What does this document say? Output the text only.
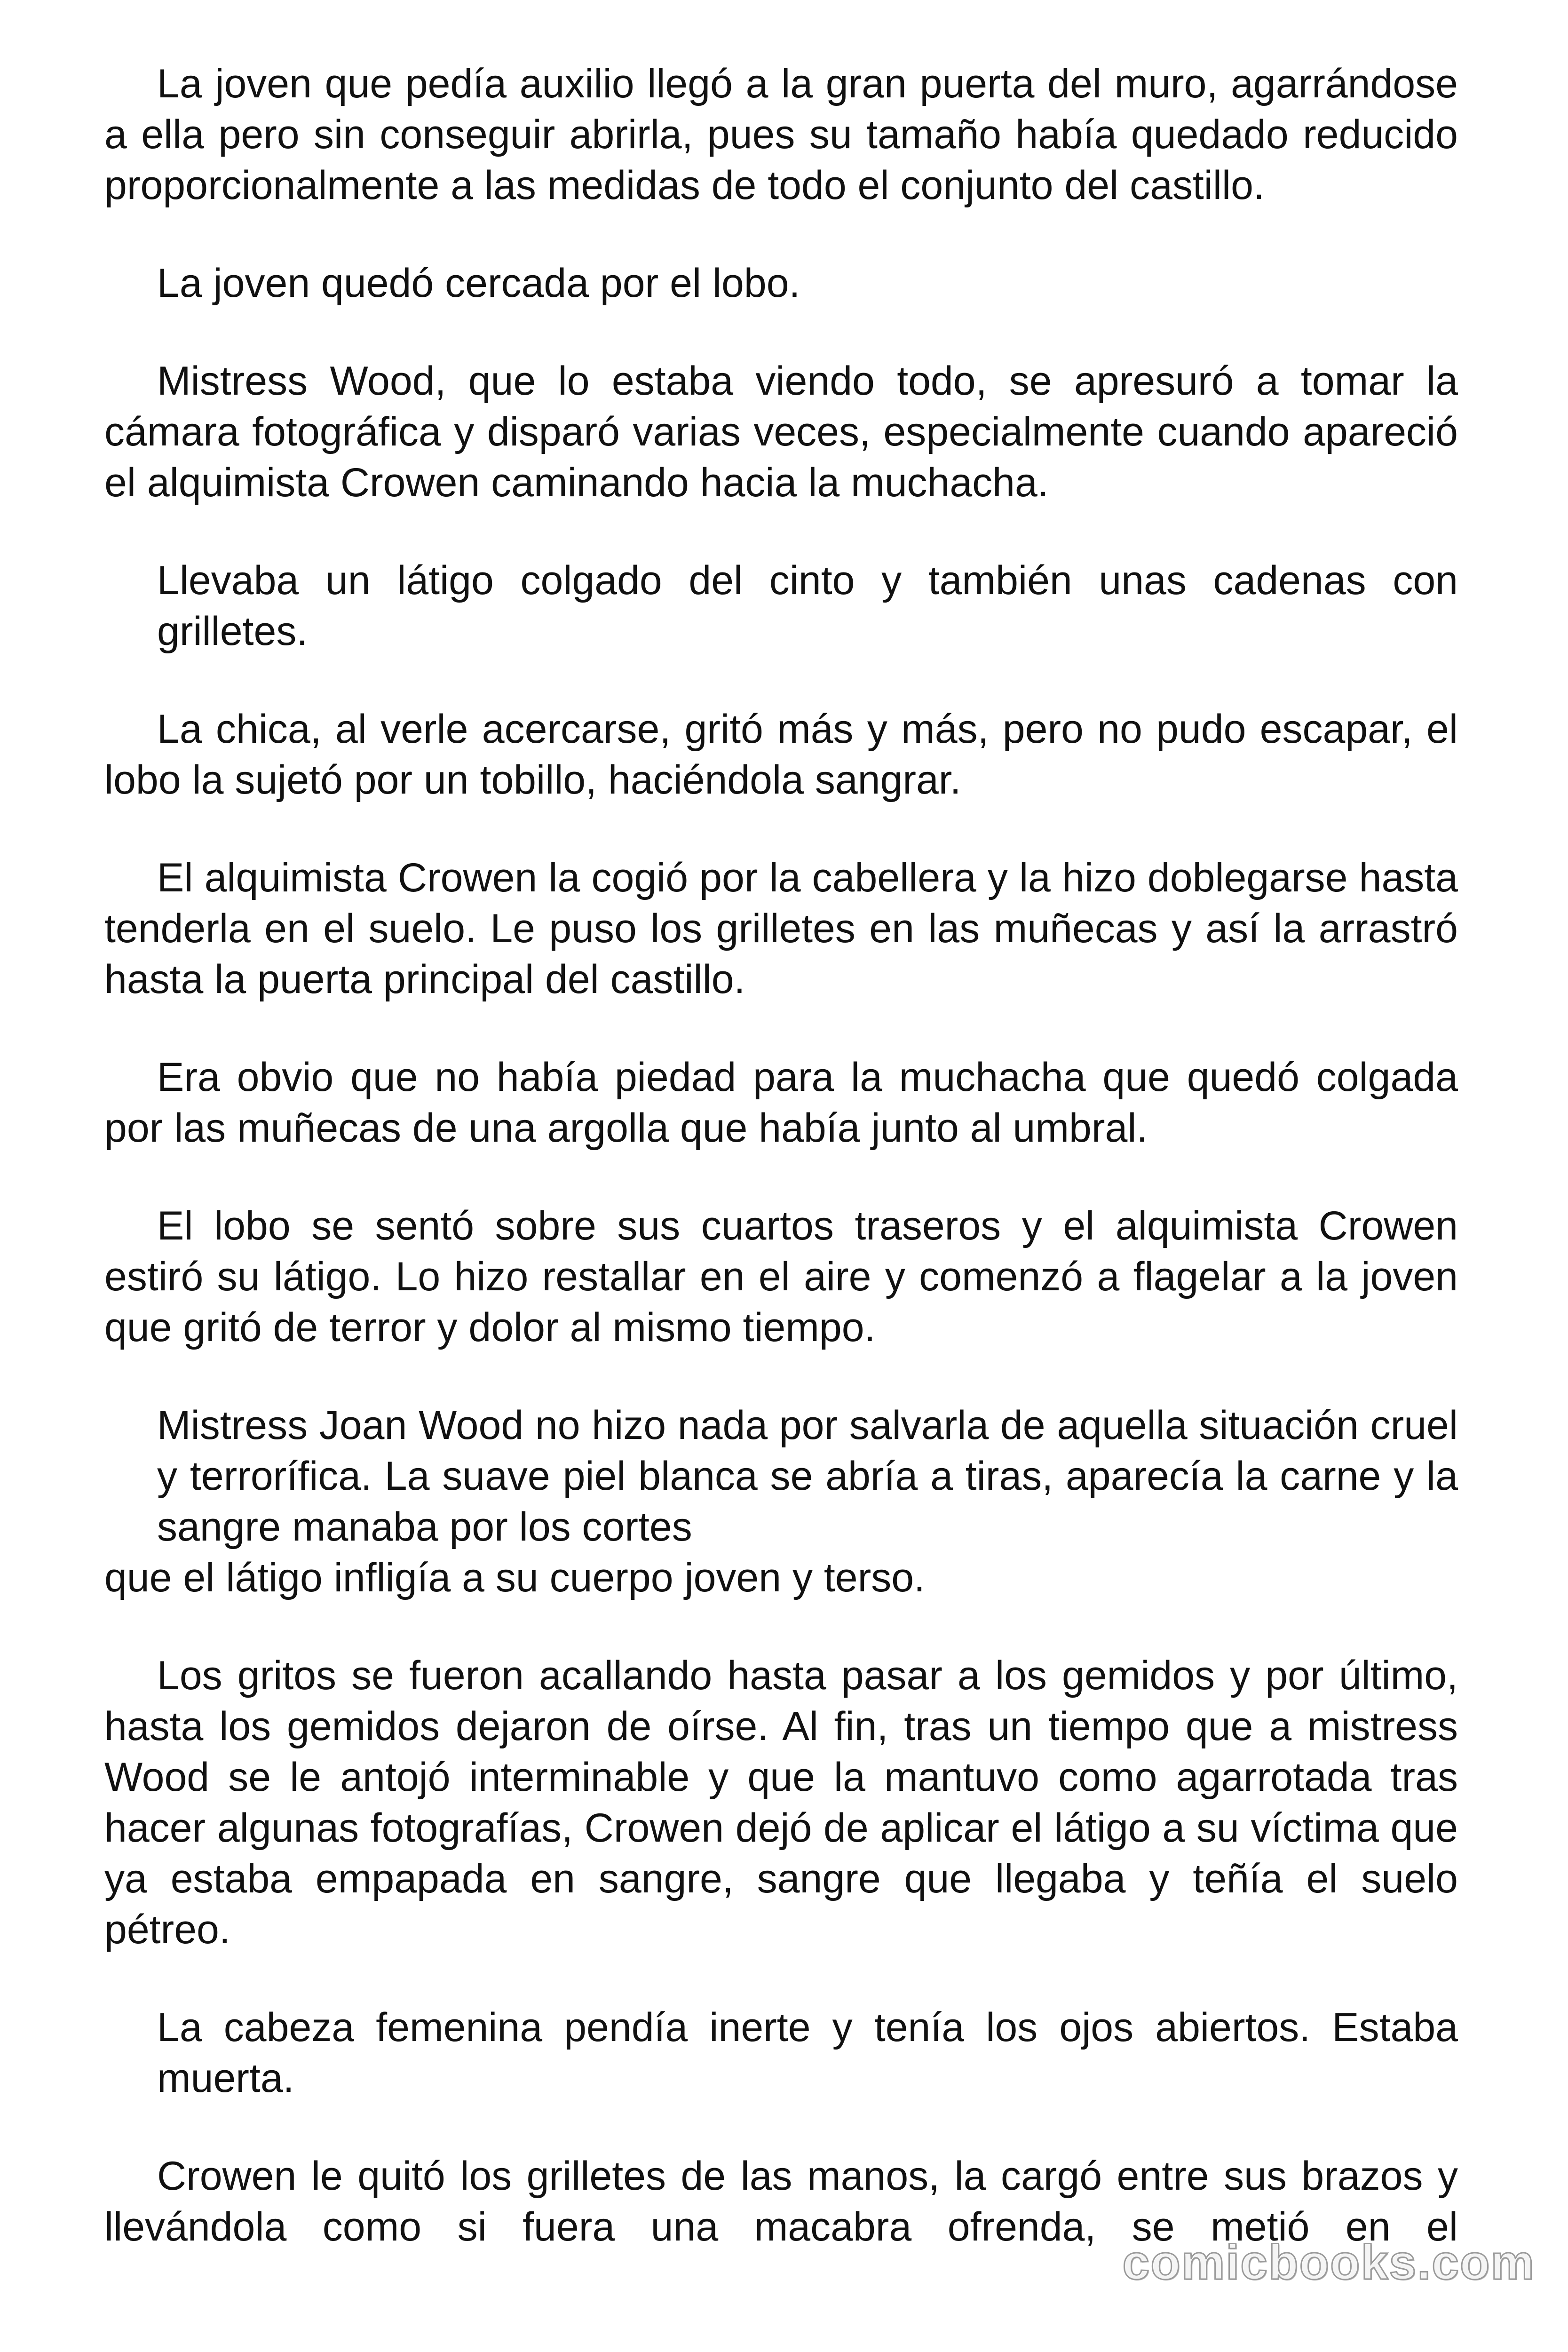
La joven que pedía auxilio llegó a la gran puerta del muro, agarrándose a ella pero sin conseguir abrirla, pues su tamaño había quedado reducido proporcionalmente a las medidas de todo el conjunto del castillo.

La joven quedó cercada por el lobo.

Mistress Wood, que lo estaba viendo todo, se apresuró a tomar la cámara fotográfica y disparó varias veces, especialmente cuando apareció el alquimista Crowen caminando hacia la muchacha.

Llevaba un látigo colgado del cinto y también unas cadenas con grilletes.

La chica, al verle acercarse, gritó más y más, pero no pudo escapar, el lobo la sujetó por un tobillo, haciéndola sangrar.

El alquimista Crowen la cogió por la cabellera y la hizo doblegarse hasta tenderla en el suelo. Le puso los grilletes en las muñecas y así la arrastró hasta la puerta principal del castillo.

Era obvio que no había piedad para la muchacha que quedó colgada por las muñecas de una argolla que había junto al umbral.

El lobo se sentó sobre sus cuartos traseros y el alquimista Crowen estiró su látigo. Lo hizo restallar en el aire y comenzó a flagelar a la joven que gritó de terror y dolor al mismo tiempo.

Mistress Joan Wood no hizo nada por salvarla de aquella situación cruel y terrorífica. La suave piel blanca se abría a tiras, aparecía la carne y la sangre manaba por los cortes

que el látigo infligía a su cuerpo joven y terso.

Los gritos se fueron acallando hasta pasar a los gemidos y por último, hasta los gemidos dejaron de oírse. Al fin, tras un tiempo que a mistress Wood se le antojó interminable y que la mantuvo como agarrotada tras hacer algunas fotografías, Crowen dejó de aplicar el látigo a su víctima que ya estaba empapada en sangre, sangre que llegaba y teñía el suelo pétreo.

La cabeza femenina pendía inerte y tenía los ojos abiertos. Estaba muerta.

Crowen le quitó los grilletes de las manos, la cargó entre sus brazos y llevándola como si fuera una macabra ofrenda, se metió en el

comicbooks.com
